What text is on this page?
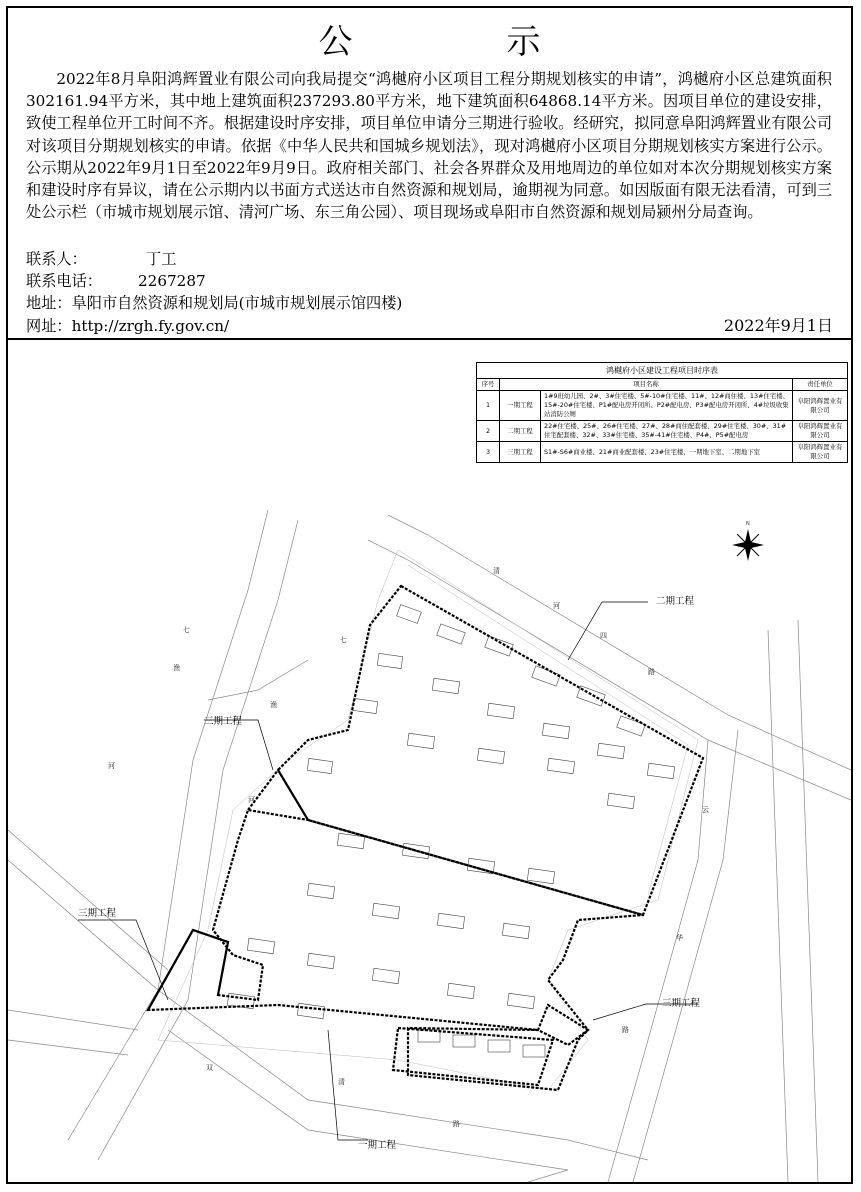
公　示
2022年8月阜阳鸿辉置业有限公司向我局提交“鸿樾府小区项目工程分期规划核实的申请”，鸿樾府小区总建筑面积302161.94平方米，其中地上建筑面积237293.80平方米，地下建筑面积64868.14平方米。因项目单位的建设安排，致使工程单位开工时间不齐。根据建设时序安排，项目单位申请分三期进行验收。经研究，拟同意阜阳鸿辉置业有限公司对该项目分期规划核实的申请。依据《中华人民共和国城乡规划法》，现对鸿樾府小区项目分期规划核实方案进行公示。公示期从2022年9月1日至2022年9月9日。政府相关部门、社会各界群众及用地周边的单位如对本次分期规划核实方案和建设时序有异议，请在公示期内以书面方式送达市自然资源和规划局，逾期视为同意。如因版面有限无法看清，可到三处公示栏（市城市规划展示馆、清河广场、东三角公园）、项目现场或阜阳市自然资源和规划局颍州分局查询。
联系人：	丁工
联系电话： 2267287
地址：阜阳市自然资源和规划局(市城市规划展示馆四楼)
网址：http://zrgh.fy.gov.cn/	2022年9月1日
二期工程
三期工程
三期工程
三期工程
一期工程
七
渔
河
七
渔
河
清
河
四
路
云
华
路
清
路
双
N
鸿樾府小区建设工程项目时序表
序号	项目名称		责任单位
1	一期工程	1#9班幼儿园、2#、3#住宅楼、5#-10#住宅楼、11#、12#商住楼、13#住宅楼、15#-20#住宅楼、P1#配电房开闭所、P2#配电房、P3#配电房开闭所、4#垃圾收集站消防公厕	阜阳鸿辉置业有限公司
2	二期工程	22#住宅楼、25#、26#住宅楼、27#、28#商住配套楼、29#住宅楼、30#、31#住宅配套楼、32#、33#住宅楼、35#-41#住宅楼、P4#、P5#配电房	阜阳鸿辉置业有限公司
3	三期工程	S1#-S6#商业楼、21#商业配套楼、23#住宅楼、一期地下室、二期地下室	阜阳鸿辉置业有限公司
